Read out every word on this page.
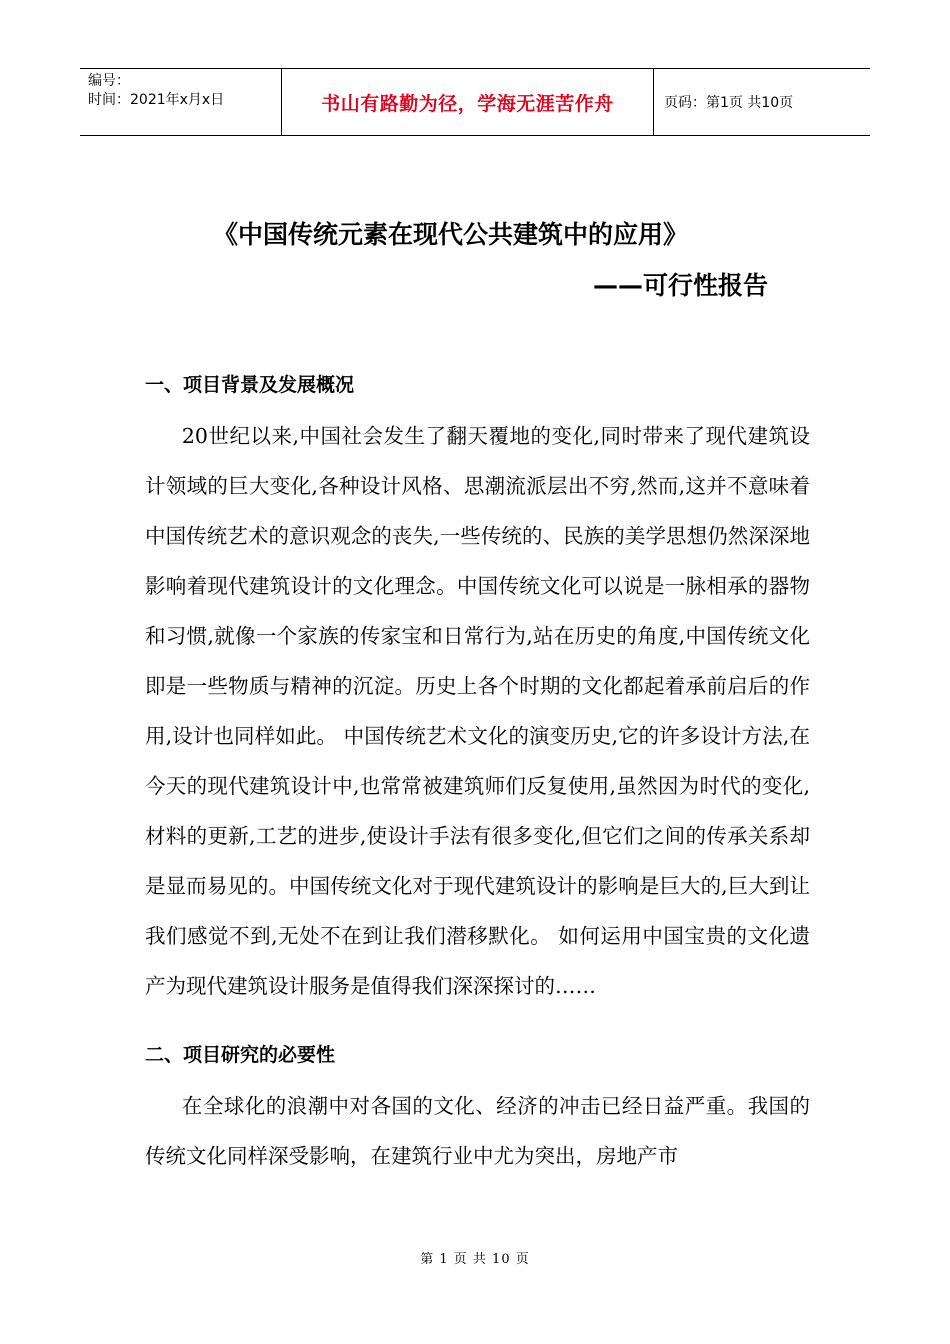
编号：
时间：2021年x月x日	书山有路勤为径，学海无涯苦作舟	页码：第1页 共10页
《中国传统元素在现代公共建筑中的应用》
——可行性报告
一、项目背景及发展概况

20世纪以来,中国社会发生了翻天覆地的变化,同时带来了现代建筑设计领域的巨大变化,各种设计风格、思潮流派层出不穷,然而,这并不意味着中国传统艺术的意识观念的丧失,一些传统的、民族的美学思想仍然深深地影响着现代建筑设计的文化理念。中国传统文化可以说是一脉相承的器物和习惯,就像一个家族的传家宝和日常行为,站在历史的角度,中国传统文化即是一些物质与精神的沉淀。历史上各个时期的文化都起着承前启后的作用,设计也同样如此。 中国传统艺术文化的演变历史,它的许多设计方法,在今天的现代建筑设计中,也常常被建筑师们反复使用,虽然因为时代的变化,材料的更新,工艺的进步,使设计手法有很多变化,但它们之间的传承关系却是显而易见的。中国传统文化对于现代建筑设计的影响是巨大的,巨大到让我们感觉不到,无处不在到让我们潜移默化。 如何运用中国宝贵的文化遗产为现代建筑设计服务是值得我们深深探讨的……

二、项目研究的必要性

在全球化的浪潮中对各国的文化、经济的冲击已经日益严重。我国的传统文化同样深受影响，在建筑行业中尤为突出，房地产市

第 1 页 共 10 页
